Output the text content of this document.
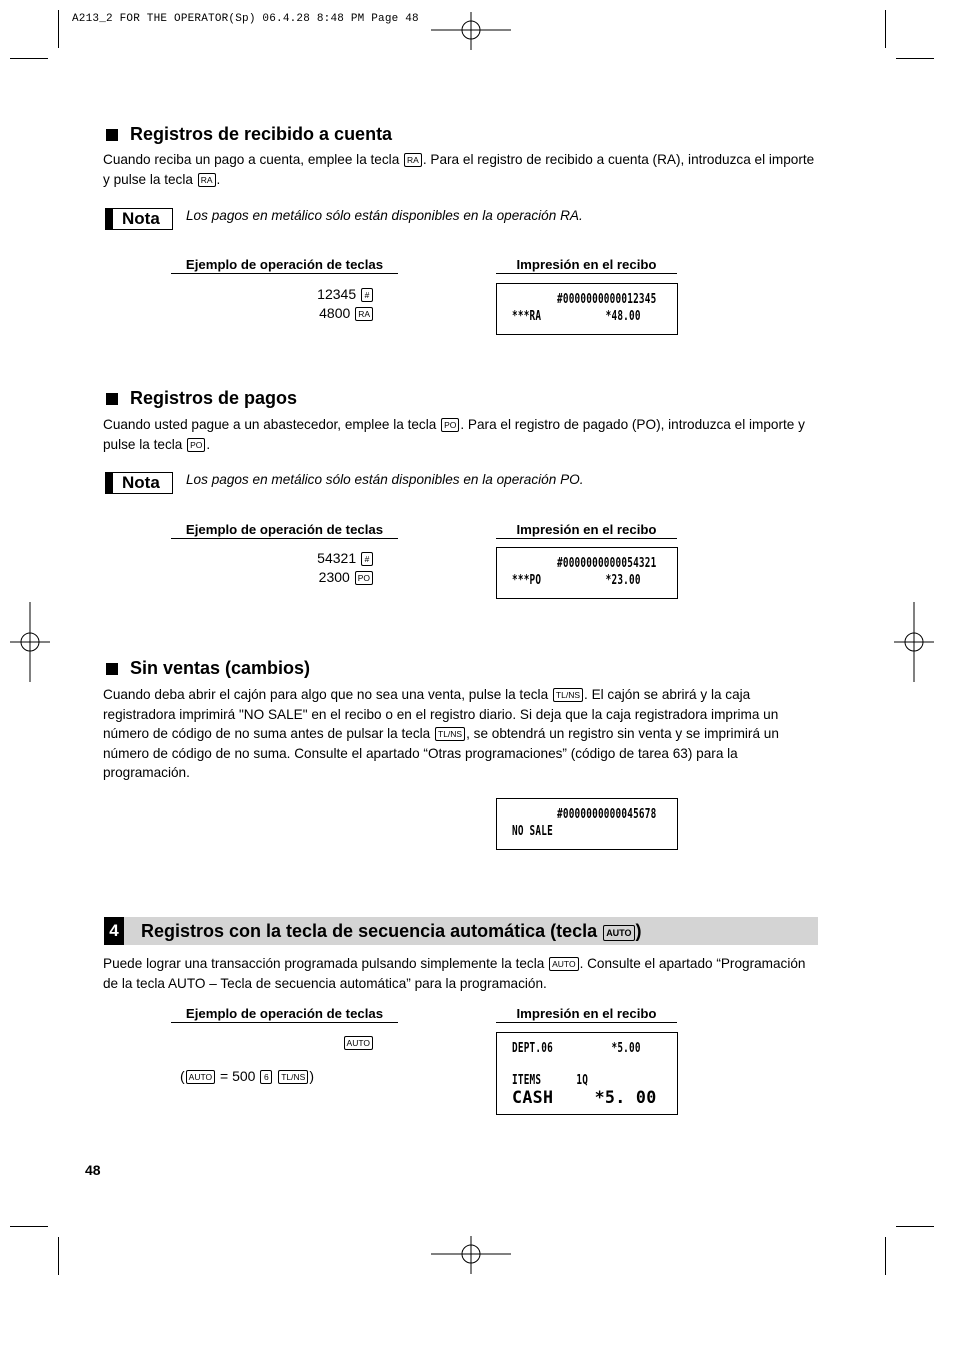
A213_2 FOR THE OPERATOR(Sp) 06.4.28 8:48 PM Page 48
Registros de recibido a cuenta
Cuando reciba un pago a cuenta, emplee la tecla RA . Para el registro de recibido a cuenta (RA), introduzca el importe y pulse la tecla RA .
Nota Los pagos en metálico sólo están disponibles en la operación RA.
Ejemplo de operación de teclas	Impresión en el recibo
12345 #
4800 RA
#0000000000012345
***RA           *48.00
Registros de pagos
Cuando usted pague a un abastecedor, emplee la tecla PO . Para el registro de pagado (PO), introduzca el importe y pulse la tecla PO .
Nota Los pagos en metálico sólo están disponibles en la operación PO.
Ejemplo de operación de teclas	Impresión en el recibo
54321 #
2300 PO
#0000000000054321
***PO           *23.00
Sin ventas (cambios)
Cuando deba abrir el cajón para algo que no sea una venta, pulse la tecla TL/NS . El cajón se abrirá y la caja registradora imprimirá "NO SALE" en el recibo o en el registro diario. Si deja que la caja registradora imprima un número de código de no suma antes de pulsar la tecla TL/NS , se obtendrá un registro sin venta y se imprimirá un número de código de no suma. Consulte el apartado “Otras programaciones” (código de tarea 63) para la programación.
#0000000000045678
NO SALE
4 Registros con la tecla de secuencia automática (tecla AUTO )
Puede lograr una transacción programada pulsando simplemente la tecla AUTO . Consulte el apartado “Programación de la tecla AUTO – Tecla de secuencia automática” para la programación.
Ejemplo de operación de teclas	Impresión en el recibo
AUTO
( AUTO = 500 6 TL/NS )
DEPT.06          *5.00
ITEMS      1Q
CASH    *5. 00
48
